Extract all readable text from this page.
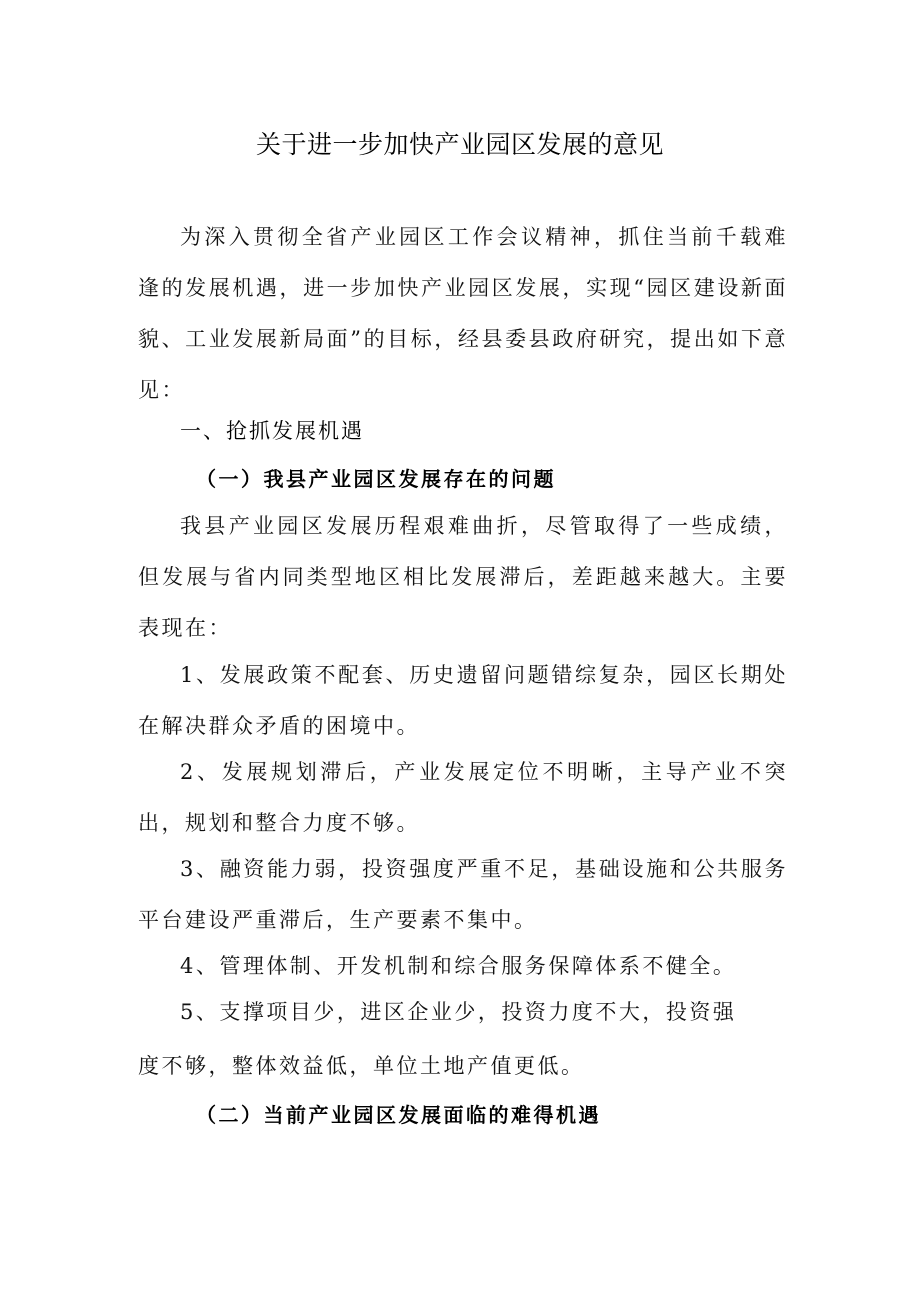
关于进一步加快产业园区发展的意见

为深入贯彻全省产业园区工作会议精神，抓住当前千载难逢的发展机遇，进一步加快产业园区发展，实现“园区建设新面貌、工业发展新局面”的目标，经县委县政府研究，提出如下意见：

一、抢抓发展机遇
（一）我县产业园区发展存在的问题

我县产业园区发展历程艰难曲折，尽管取得了一些成绩，但发展与省内同类型地区相比发展滞后，差距越来越大。主要表现在：

1、发展政策不配套、历史遗留问题错综复杂，园区长期处在解决群众矛盾的困境中。

2、发展规划滞后，产业发展定位不明晰，主导产业不突出，规划和整合力度不够。

3、融资能力弱，投资强度严重不足，基础设施和公共服务平台建设严重滞后，生产要素不集中。

4、管理体制、开发机制和综合服务保障体系不健全。

5、支撑项目少，进区企业少，投资力度不大，投资强
度不够，整体效益低，单位土地产值更低。
（二）当前产业园区发展面临的难得机遇
